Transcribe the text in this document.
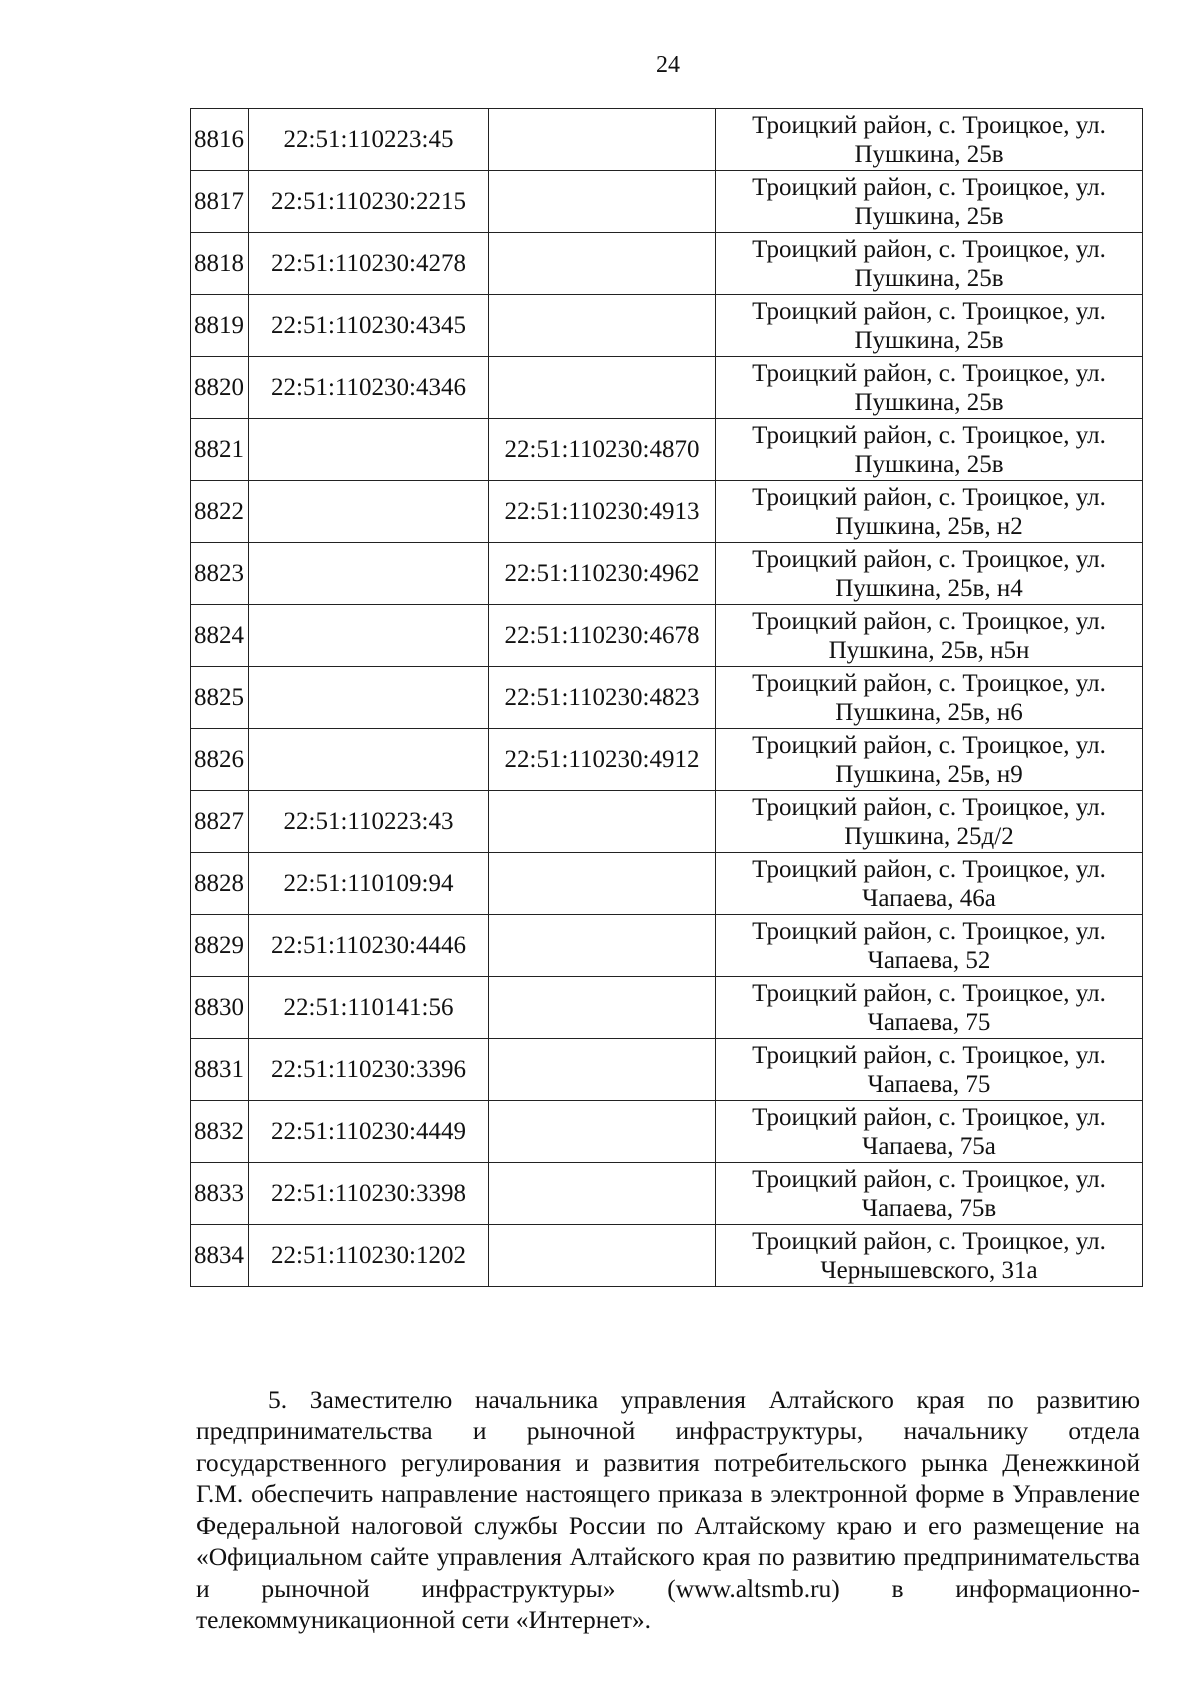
24
8816	22:51:110223:45		Троицкий район, с. Троицкое, ул. Пушкина, 25в
8817	22:51:110230:2215		Троицкий район, с. Троицкое, ул. Пушкина, 25в
8818	22:51:110230:4278		Троицкий район, с. Троицкое, ул. Пушкина, 25в
8819	22:51:110230:4345		Троицкий район, с. Троицкое, ул. Пушкина, 25в
8820	22:51:110230:4346		Троицкий район, с. Троицкое, ул. Пушкина, 25в
8821		22:51:110230:4870	Троицкий район, с. Троицкое, ул. Пушкина, 25в
8822		22:51:110230:4913	Троицкий район, с. Троицкое, ул. Пушкина, 25в, н2
8823		22:51:110230:4962	Троицкий район, с. Троицкое, ул. Пушкина, 25в, н4
8824		22:51:110230:4678	Троицкий район, с. Троицкое, ул. Пушкина, 25в, н5н
8825		22:51:110230:4823	Троицкий район, с. Троицкое, ул. Пушкина, 25в, н6
8826		22:51:110230:4912	Троицкий район, с. Троицкое, ул. Пушкина, 25в, н9
8827	22:51:110223:43		Троицкий район, с. Троицкое, ул. Пушкина, 25д/2
8828	22:51:110109:94		Троицкий район, с. Троицкое, ул. Чапаева, 46а
8829	22:51:110230:4446		Троицкий район, с. Троицкое, ул. Чапаева, 52
8830	22:51:110141:56		Троицкий район, с. Троицкое, ул. Чапаева, 75
8831	22:51:110230:3396		Троицкий район, с. Троицкое, ул. Чапаева, 75
8832	22:51:110230:4449		Троицкий район, с. Троицкое, ул. Чапаева, 75а
8833	22:51:110230:3398		Троицкий район, с. Троицкое, ул. Чапаева, 75в
8834	22:51:110230:1202		Троицкий район, с. Троицкое, ул. Чернышевского, 31а

5. Заместителю начальника управления Алтайского края по развитию предпринимательства и рыночной инфраструктуры, начальнику отдела государственного регулирования и развития потребительского рынка Денежкиной Г.М. обеспечить направление настоящего приказа в электронной форме в Управление Федеральной налоговой службы России по Алтайскому краю и его размещение на «Официальном сайте управления Алтайского края по развитию предпринимательства и рыночной инфраструктуры» (www.altsmb.ru) в информационно-телекоммуникационной сети «Интернет».
